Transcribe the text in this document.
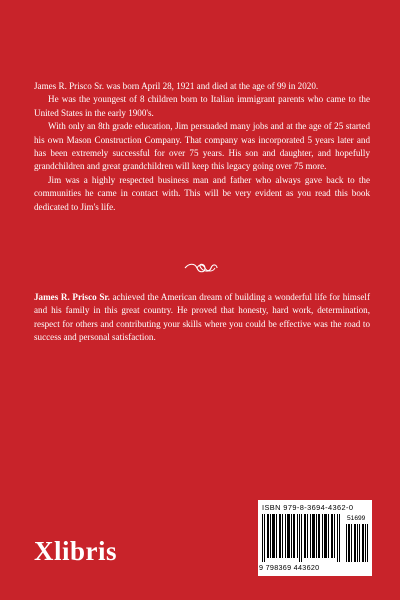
James R. Prisco Sr. was born April 28, 1921 and died at the age of 99 in 2020.

He was the youngest of 8 children born to Italian immigrant parents who came to the United States in the early 1900's.

With only an 8th grade education, Jim persuaded many jobs and at the age of 25 started his own Mason Construction Company. That company was incorporated 5 years later and has been extremely successful for over 75 years. His son and daughter, and hopefully grandchildren and great grandchildren will keep this legacy going over 75 more.

Jim was a highly respected business man and father who always gave back to the communities he came in contact with. This will be very evident as you read this book dedicated to Jim's life.

James R. Prisco Sr. achieved the American dream of building a wonderful life for himself and his family in this great country. He proved that honesty, hard work, determination, respect for others and contributing your skills where you could be effective was the road to success and personal satisfaction.

Xlibris
ISBN 979-8-3694-4362-0
51699
9 798369 443620
